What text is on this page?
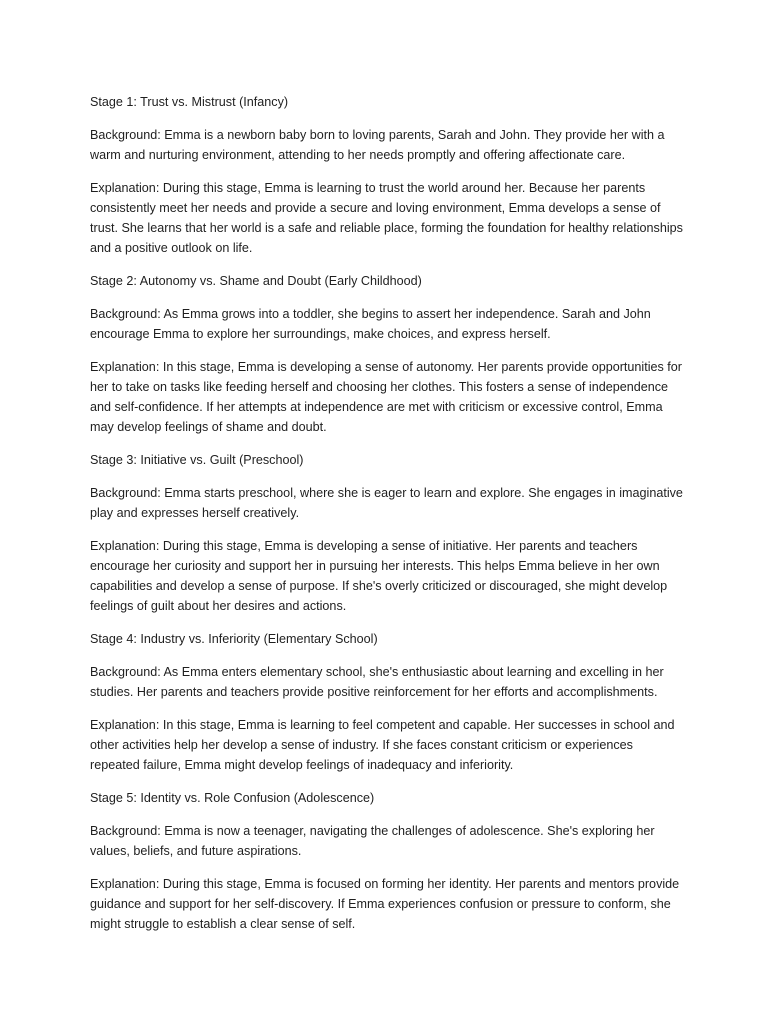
Stage 1: Trust vs. Mistrust (Infancy)

Background: Emma is a newborn baby born to loving parents, Sarah and John. They provide her with a warm and nurturing environment, attending to her needs promptly and offering affectionate care.

Explanation: During this stage, Emma is learning to trust the world around her. Because her parents consistently meet her needs and provide a secure and loving environment, Emma develops a sense of trust. She learns that her world is a safe and reliable place, forming the foundation for healthy relationships and a positive outlook on life.

Stage 2: Autonomy vs. Shame and Doubt (Early Childhood)

Background: As Emma grows into a toddler, she begins to assert her independence. Sarah and John encourage Emma to explore her surroundings, make choices, and express herself.

Explanation: In this stage, Emma is developing a sense of autonomy. Her parents provide opportunities for her to take on tasks like feeding herself and choosing her clothes. This fosters a sense of independence and self-confidence. If her attempts at independence are met with criticism or excessive control, Emma may develop feelings of shame and doubt.

Stage 3: Initiative vs. Guilt (Preschool)

Background: Emma starts preschool, where she is eager to learn and explore. She engages in imaginative play and expresses herself creatively.

Explanation: During this stage, Emma is developing a sense of initiative. Her parents and teachers encourage her curiosity and support her in pursuing her interests. This helps Emma believe in her own capabilities and develop a sense of purpose. If she's overly criticized or discouraged, she might develop feelings of guilt about her desires and actions.

Stage 4: Industry vs. Inferiority (Elementary School)

Background: As Emma enters elementary school, she's enthusiastic about learning and excelling in her studies. Her parents and teachers provide positive reinforcement for her efforts and accomplishments.

Explanation: In this stage, Emma is learning to feel competent and capable. Her successes in school and other activities help her develop a sense of industry. If she faces constant criticism or experiences repeated failure, Emma might develop feelings of inadequacy and inferiority.

Stage 5: Identity vs. Role Confusion (Adolescence)

Background: Emma is now a teenager, navigating the challenges of adolescence. She's exploring her values, beliefs, and future aspirations.

Explanation: During this stage, Emma is focused on forming her identity. Her parents and mentors provide guidance and support for her self-discovery. If Emma experiences confusion or pressure to conform, she might struggle to establish a clear sense of self.
